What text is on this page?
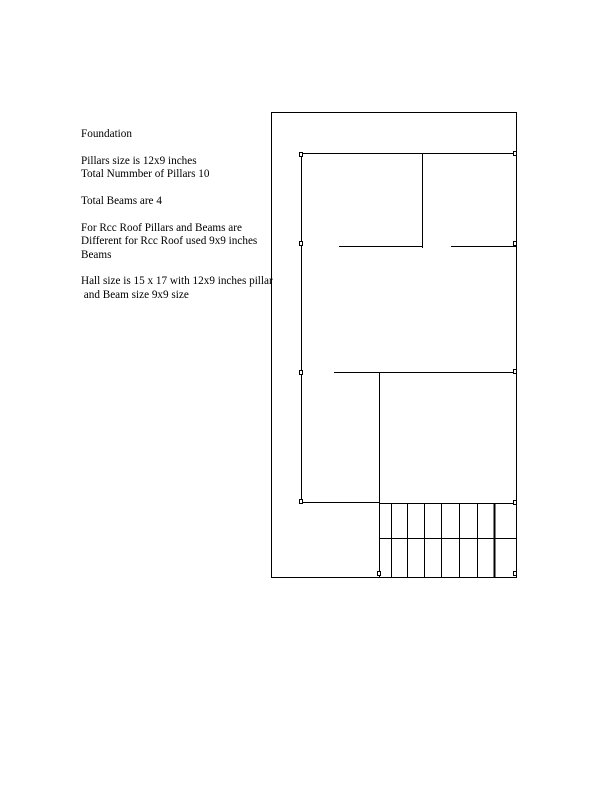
Foundation
Pillars size is 12x9 inches
Total Nummber of Pillars 10
Total Beams are 4
For Rcc Roof Pillars and Beams are
Different for Rcc Roof used 9x9 inches
Beams
Hall size is 15 x 17 with 12x9 inches pillar
and Beam size 9x9 size
